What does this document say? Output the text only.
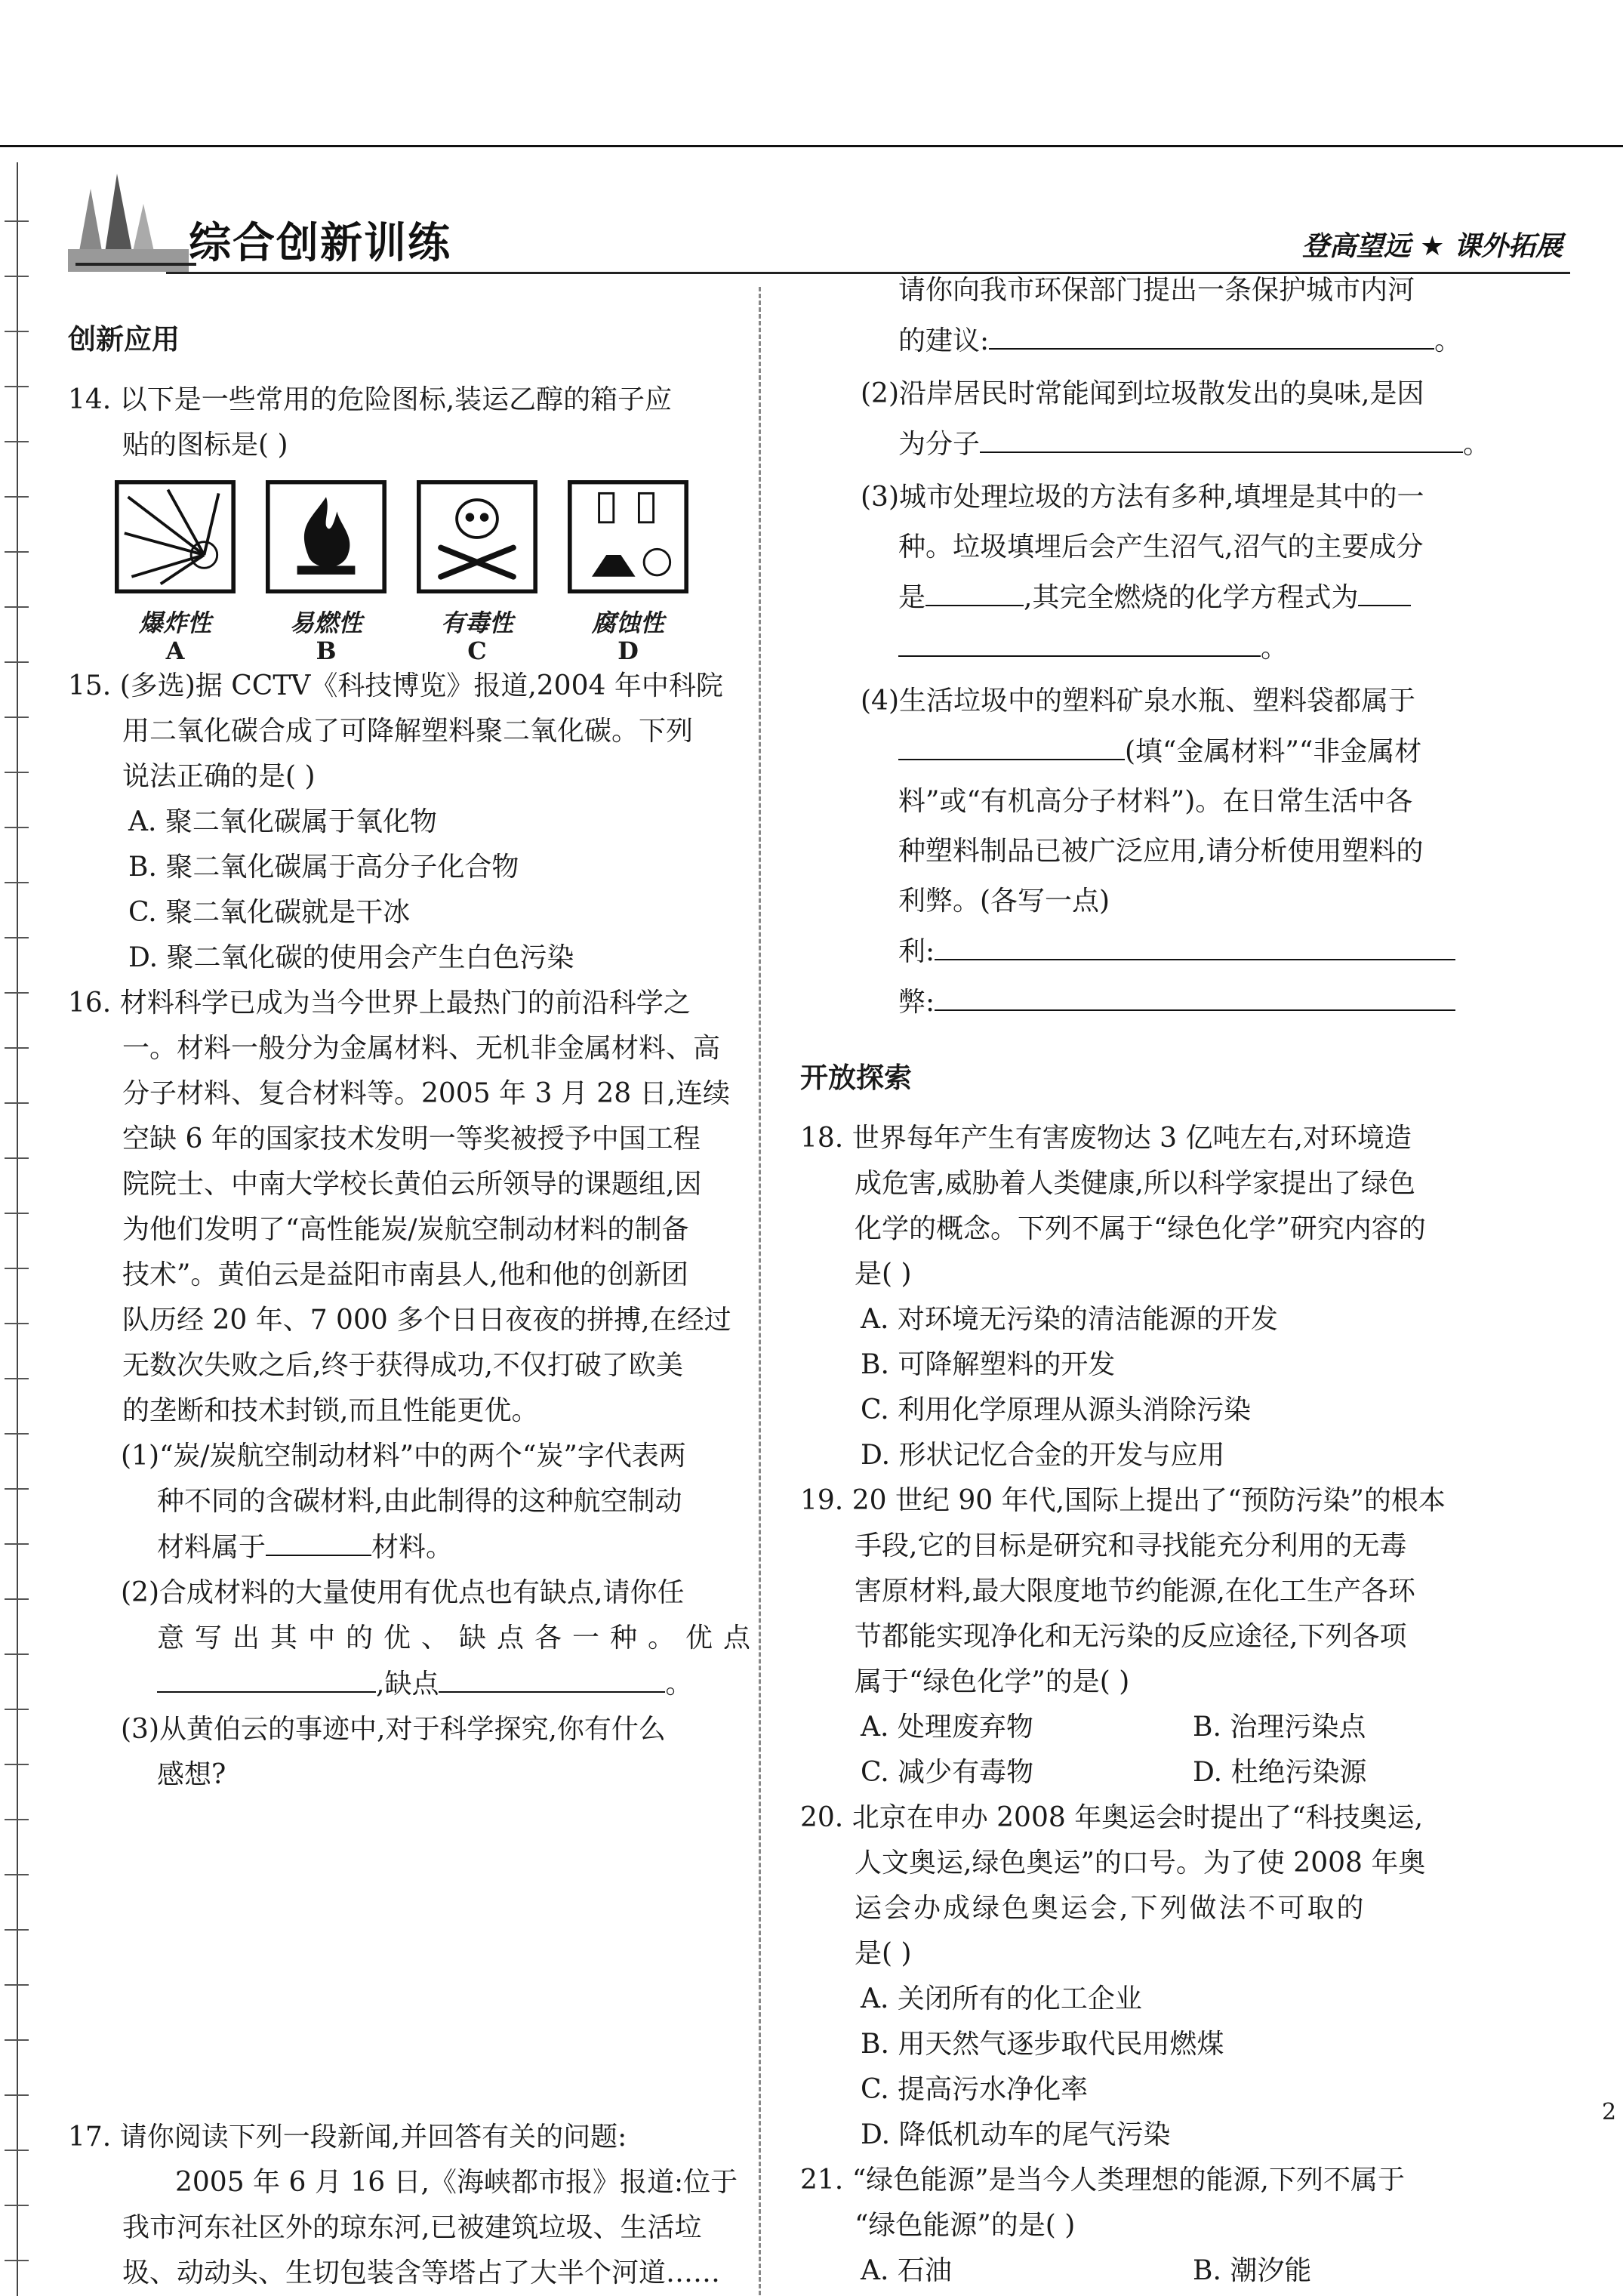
综合创新训练	登高望远 ★ 课外拓展
创新应用

14. 以下是一些常用的危险图标,装运乙醇的箱子应

贴的图标是( )

爆炸性
A
易燃性
B
有毒性
C
腐蚀性
D

15. (多选)据 CCTV《科技博览》报道,2004 年中科院

用二氧化碳合成了可降解塑料聚二氧化碳。下列

说法正确的是( )

A. 聚二氧化碳属于氧化物

B. 聚二氧化碳属于高分子化合物

C. 聚二氧化碳就是干冰

D. 聚二氧化碳的使用会产生白色污染

16. 材料科学已成为当今世界上最热门的前沿科学之

一。材料一般分为金属材料、无机非金属材料、高

分子材料、复合材料等。2005 年 3 月 28 日,连续

空缺 6 年的国家技术发明一等奖被授予中国工程

院院士、中南大学校长黄伯云所领导的课题组,因

为他们发明了“高性能炭/炭航空制动材料的制备

技术”。黄伯云是益阳市南县人,他和他的创新团

队历经 20 年、7 000 多个日日夜夜的拼搏,在经过

无数次失败之后,终于获得成功,不仅打破了欧美

的垄断和技术封锁,而且性能更优。

(1)“炭/炭航空制动材料”中的两个“炭”字代表两

种不同的含碳材料,由此制得的这种航空制动

材料属于	材料。

(2)合成材料的大量使用有优点也有缺点,请你任

意写出其中的优、缺点各一种。优点

,缺点	。

(3)从黄伯云的事迹中,对于科学探究,你有什么

感想?

17. 请你阅读下列一段新闻,并回答有关的问题:

2005 年 6 月 16 日,《海峡都市报》报道:位于

我市河东社区外的琼东河,已被建筑垃圾、生活垃

圾、动动头、生切包装含等塔占了大半个河道……

请你向我市环保部门提出一条保护城市内河

的建议:	。

(2)沿岸居民时常能闻到垃圾散发出的臭味,是因

为分子	。

(3)城市处理垃圾的方法有多种,填埋是其中的一

种。垃圾填埋后会产生沼气,沼气的主要成分

是	,其完全燃烧的化学方程式为

。

(4)生活垃圾中的塑料矿泉水瓶、塑料袋都属于

(填“金属材料”“非金属材

料”或“有机高分子材料”)。在日常生活中各

种塑料制品已被广泛应用,请分析使用塑料的

利弊。(各写一点)

利:

弊:

开放探索

18. 世界每年产生有害废物达 3 亿吨左右,对环境造

成危害,威胁着人类健康,所以科学家提出了绿色

化学的概念。下列不属于“绿色化学”研究内容的

是( )

A. 对环境无污染的清洁能源的开发

B. 可降解塑料的开发

C. 利用化学原理从源头消除污染

D. 形状记忆合金的开发与应用

19. 20 世纪 90 年代,国际上提出了“预防污染”的根本

手段,它的目标是研究和寻找能充分利用的无毒

害原材料,最大限度地节约能源,在化工生产各环

节都能实现净化和无污染的反应途径,下列各项

属于“绿色化学”的是( )

A. 处理废弃物	B. 治理污染点
C. 减少有毒物	D. 杜绝污染源

20. 北京在申办 2008 年奥运会时提出了“科技奥运,

人文奥运,绿色奥运”的口号。为了使 2008 年奥

运会办成绿色奥运会,下列做法不可取的

是( )

A. 关闭所有的化工企业

B. 用天然气逐步取代民用燃煤

C. 提高污水净化率

D. 降低机动车的尾气污染

21. “绿色能源”是当今人类理想的能源,下列不属于

“绿色能源”的是( )

A. 石油	B. 潮汐能
2
